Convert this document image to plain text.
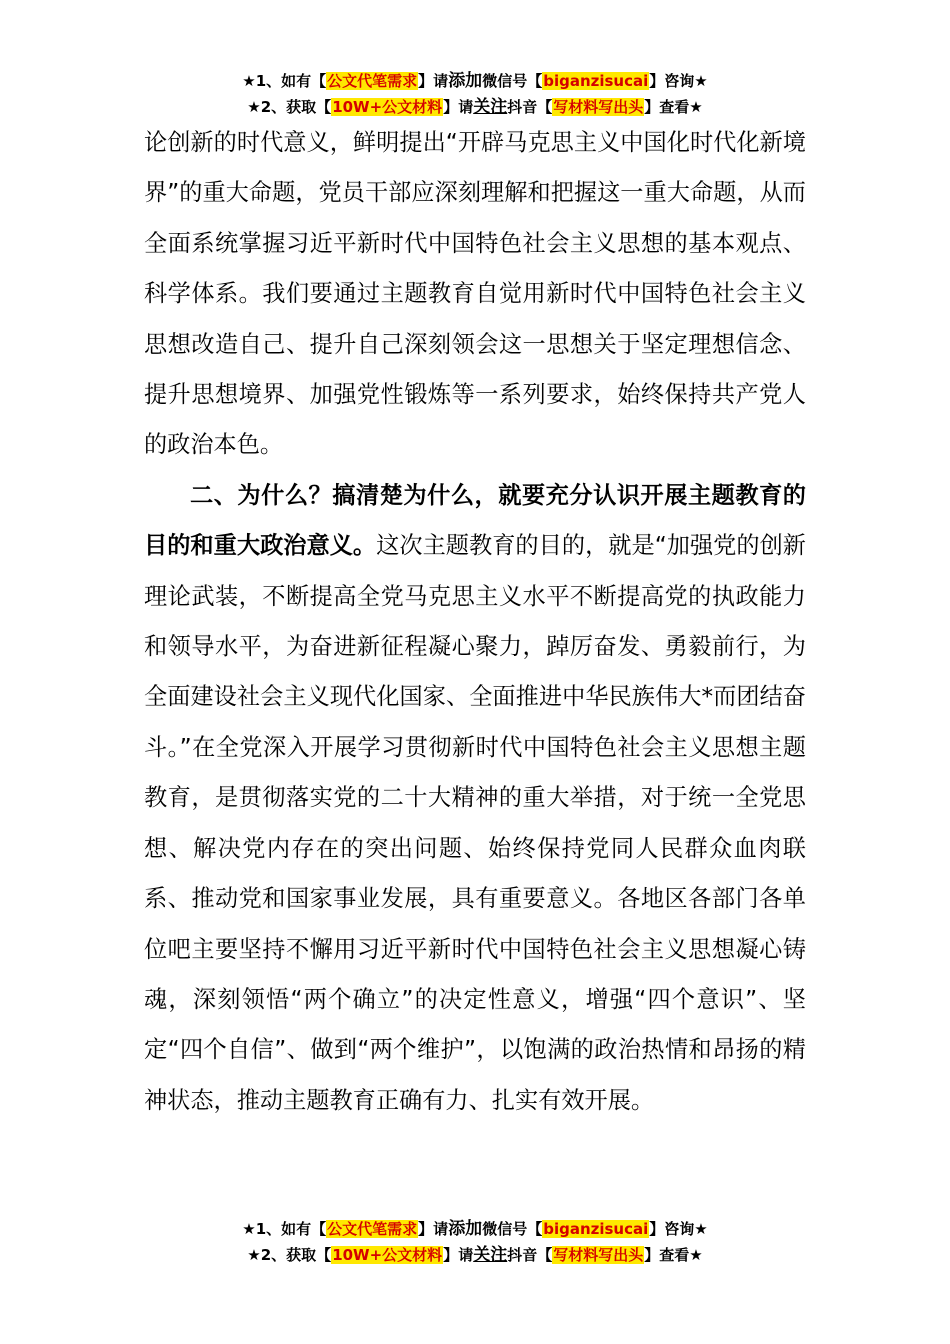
★1、如有【公文代笔需求】请添加微信号【biganzisucai】咨询★
★2、获取【10W+公文材料】请关注抖音【写材料写出头】查看★

论创新的时代意义，鲜明提出“开辟马克思主义中国化时代化新境界”的重大命题，党员干部应深刻理解和把握这一重大命题，从而全面系统掌握习近平新时代中国特色社会主义思想的基本观点、科学体系。我们要通过主题教育自觉用新时代中国特色社会主义思想改造自己、提升自己深刻领会这一思想关于坚定理想信念、提升思想境界、加强党性锻炼等一系列要求，始终保持共产党人的政治本色。

二、为什么？搞清楚为什么，就要充分认识开展主题教育的目的和重大政治意义。这次主题教育的目的，就是“加强党的创新理论武装，不断提高全党马克思主义水平不断提高党的执政能力和领导水平，为奋进新征程凝心聚力，踔厉奋发、勇毅前行，为全面建设社会主义现代化国家、全面推进中华民族伟大*而团结奋斗。”在全党深入开展学习贯彻新时代中国特色社会主义思想主题教育，是贯彻落实党的二十大精神的重大举措，对于统一全党思想、解决党内存在的突出问题、始终保持党同人民群众血肉联系、推动党和国家事业发展，具有重要意义。各地区各部门各单位吧主要坚持不懈用习近平新时代中国特色社会主义思想凝心铸魂，深刻领悟“两个确立”的决定性意义，增强“四个意识”、坚定“四个自信”、做到“两个维护”，以饱满的政治热情和昂扬的精神状态，推动主题教育正确有力、扎实有效开展。

★1、如有【公文代笔需求】请添加微信号【biganzisucai】咨询★
★2、获取【10W+公文材料】请关注抖音【写材料写出头】查看★
